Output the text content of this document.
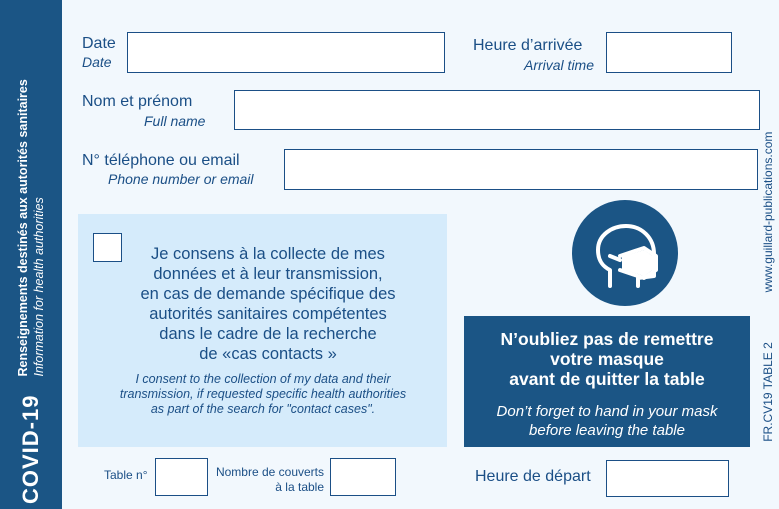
COVID-19
Renseignements destinés aux autorités sanitaires Information for health authorities
Date
Date
Heure d’arrivée
Arrival time
Nom et prénom
Full name
N° téléphone ou email
Phone number or email
Je consens à la collecte de mes
données et à leur transmission,
en cas de demande spécifique des
autorités sanitaires compétentes
dans le cadre de la recherche
de «cas contacts »
I consent to the collection of my data and their
transmission, if requested specific health authorities
as part of the search for "contact cases".
N’oubliez pas de remettre
votre masque
avant de quitter la table
Don’t forget to hand in your mask
before leaving the table
www.guillard-publications.com
FR.CV19 TABLE 2
Table n°	Nombre de couverts
à la table
Heure de départ
